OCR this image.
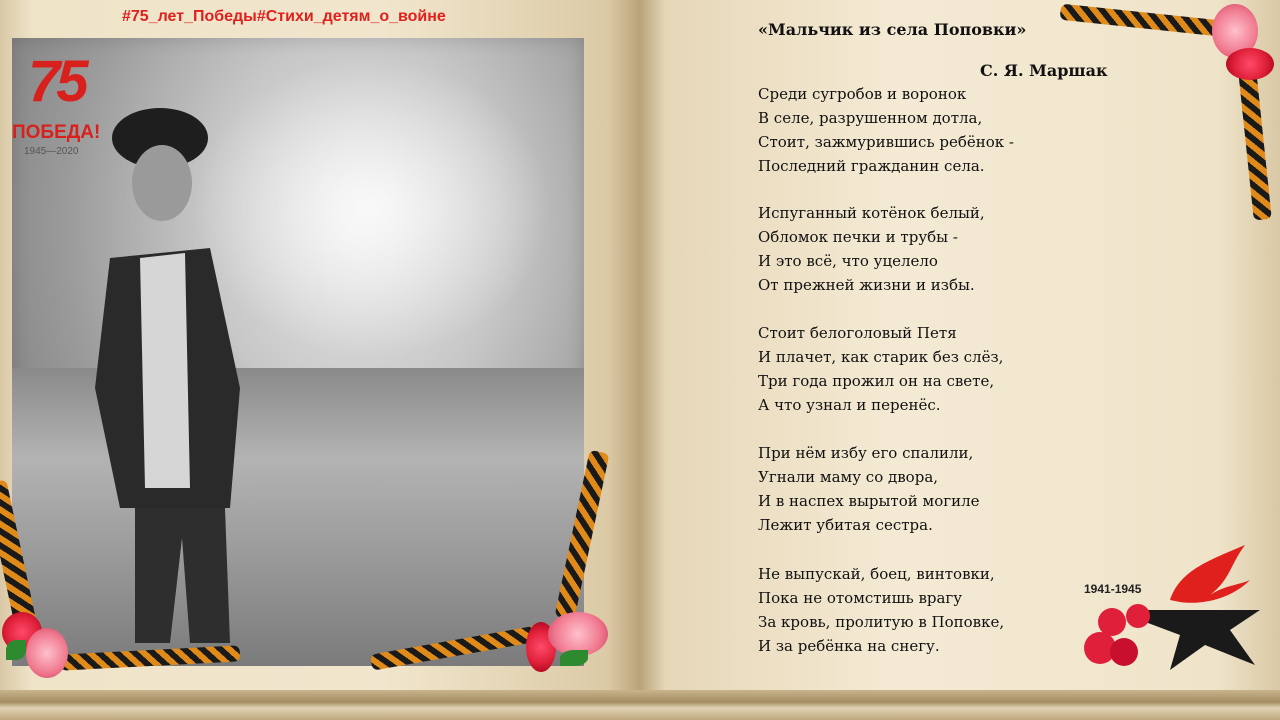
75
ПОБЕДА!
1945—2020
#75_лет_Победы#Стихи_детям_о_войне
«Мальчик из села Поповки»
С. Я. Маршак
Среди сугробов и воронок
В селе, разрушенном дотла,
Стоит, зажмурившись ребёнок -
Последний гражданин села.
Испуганный котёнок белый,
Обломок печки и трубы -
И это всё, что уцелело
От прежней жизни и избы.
Стоит белоголовый Петя
И плачет, как старик без слёз,
Три года прожил он на свете,
А что узнал и перенёс.
При нём избу его спалили,
Угнали маму со двора,
И в наспех вырытой могиле
Лежит убитая сестра.
Не выпускай, боец, винтовки,
Пока не отомстишь врагу
За кровь, пролитую в Поповке,
И за ребёнка на снегу.
1941-1945
